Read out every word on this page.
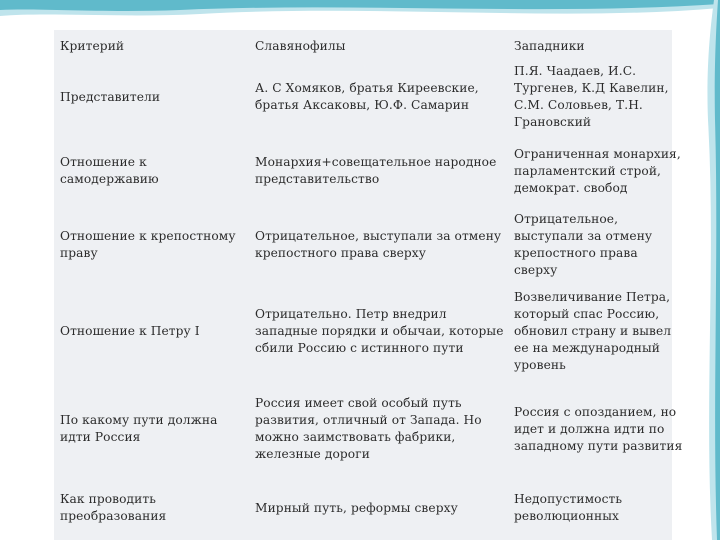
Критерий	Славянофилы	Западники
Представители	А. С Хомяков, братья Киреевские, братья Аксаковы, Ю.Ф. Самарин	П.Я. Чаадаев, И.С. Тургенев, К.Д Кавелин, С.М. Соловьев, Т.Н. Грановский
Отношение к самодержавию	Монархия+совещательное народное представительство	Ограниченная монархия, парламентский строй, демократ. свобод
Отношение к крепостному праву	Отрицательное, выступали за отмену крепостного права сверху	Отрицательное, выступали за отмену крепостного права сверху
Отношение к Петру I	Отрицательно. Петр внедрил западные порядки и обычаи, которые сбили Россию с истинного пути	Возвеличивание Петра, который спас Россию, обновил страну и вывел ее на международный уровень
По какому пути должна идти Россия	Россия имеет свой особый путь развития, отличный от Запада. Но можно заимствовать фабрики, железные дороги	Россия с опозданием, но идет и должна идти по западному пути развития
Как проводить преобразования	Мирный путь, реформы сверху	Недопустимость революционных
